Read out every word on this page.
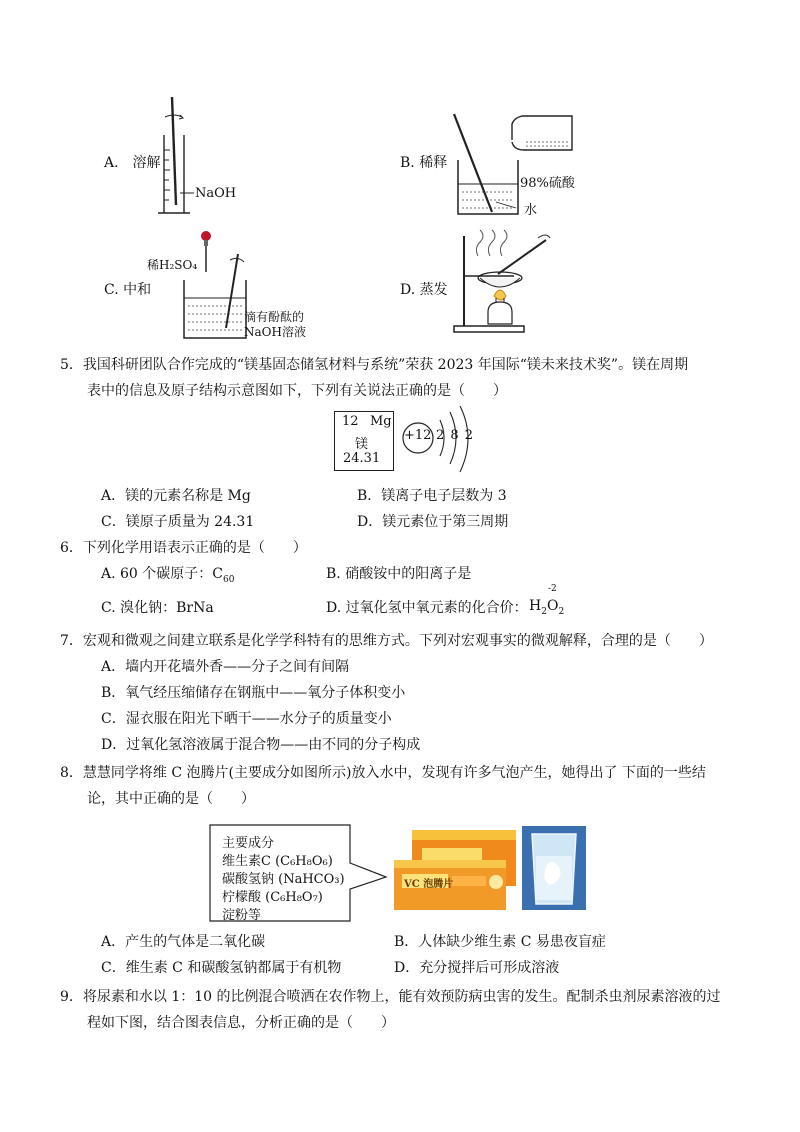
A.　溶解
NaOH
B. 稀释
98%硫酸
水
C. 中和
稀H₂SO₄
滴有酚酞的
NaOH溶液
D. 蒸发
5．我国科研团队合作完成的“镁基固态储氢材料与系统”荣获 2023 年国际“镁未来技术奖”。镁在周期
表中的信息及原子结构示意图如下，下列有关说法正确的是（　　）
12 Mg
镁
24.31
+12 2 8 2
A．镁的元素名称是 Mg	B．镁离子电子层数为 3
C．镁原子质量为 24.31	D．镁元素位于第三周期
6．下列化学用语表示正确的是（　　）
A. 60 个碳原子：$C_{60}$	B. 硝酸铵中的阳离子是
C. 溴化钠：BrNa	D. 过氧化氢中氧元素的化合价： $H_2$
-2
$O_2$
7．宏观和微观之间建立联系是化学学科特有的思维方式。下列对宏观事实的微观解释，合理的是（　　）
A．墙内开花墙外香——分子之间有间隔
B．氧气经压缩储存在钢瓶中——氧分子体积变小
C．湿衣服在阳光下晒干——水分子的质量变小
D．过氧化氢溶液属于混合物——由不同的分子构成
8．慧慧同学将维 C 泡腾片(主要成分如图所示)放入水中，发现有许多气泡产生，她得出了 下面的一些结
论，其中正确的是（　　）
主要成分
维生素C (C₆H₈O₆)
碳酸氢钠 (NaHCO₃)
柠檬酸 (C₆H₈O₇)
淀粉等
VC 泡腾片
A．产生的气体是二氧化碳	B．人体缺少维生素 C 易患夜盲症
C．维生素 C 和碳酸氢钠都属于有机物	D．充分搅拌后可形成溶液
9．将尿素和水以 1：10 的比例混合喷洒在农作物上，能有效预防病虫害的发生。配制杀虫剂尿素溶液的过
程如下图，结合图表信息，分析正确的是（　　）
